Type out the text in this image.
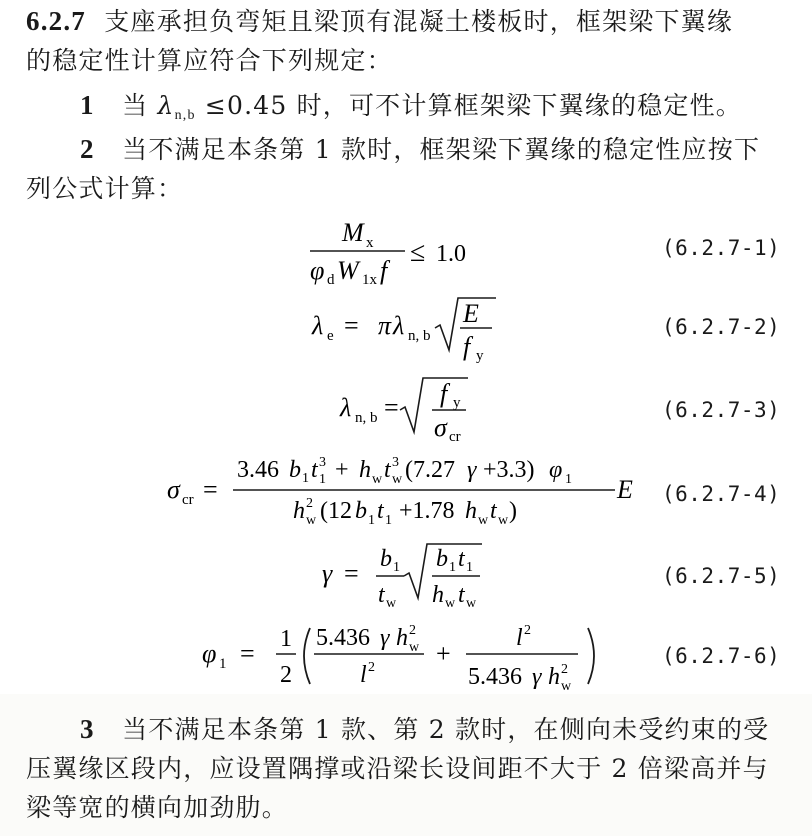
6.2.7 支座承担负弯矩且梁顶有混凝土楼板时，框架梁下翼缘
的稳定性计算应符合下列规定：
1 当 $\lambda_{n,b} \le 0.45$ 时，可不计算框架梁下翼缘的稳定性。
2 当不满足本条第 1 款时，框架梁下翼缘的稳定性应按下
列公式计算：
M x
φ d W 1x f
≤ 1.0	(6.2.7-1)
λ e = π λ n, b
E
f y
(6.2.7-2)
λ n, b = f y
σ cr
(6.2.7-3)
σ cr =
3.46 b 1 t 3
1 + h w t 3
w (7.27 γ +3.3) φ 1 E
h 2
w (12 b 1 t 1 +1.78 h w t w )
(6.2.7-4)
γ = b 1
t w
b 1 t 1
h w t w
(6.2.7-5)
φ 1 = 1
2
5.436 γ h 2
w
l 2 +
l 2
5.436 γ h 2
w
(6.2.7-6)
3 当不满足本条第 1 款、第 2 款时，在侧向未受约束的受
压翼缘区段内，应设置隅撑或沿梁长设间距不大于 2 倍梁高并与
梁等宽的横向加劲肋。
